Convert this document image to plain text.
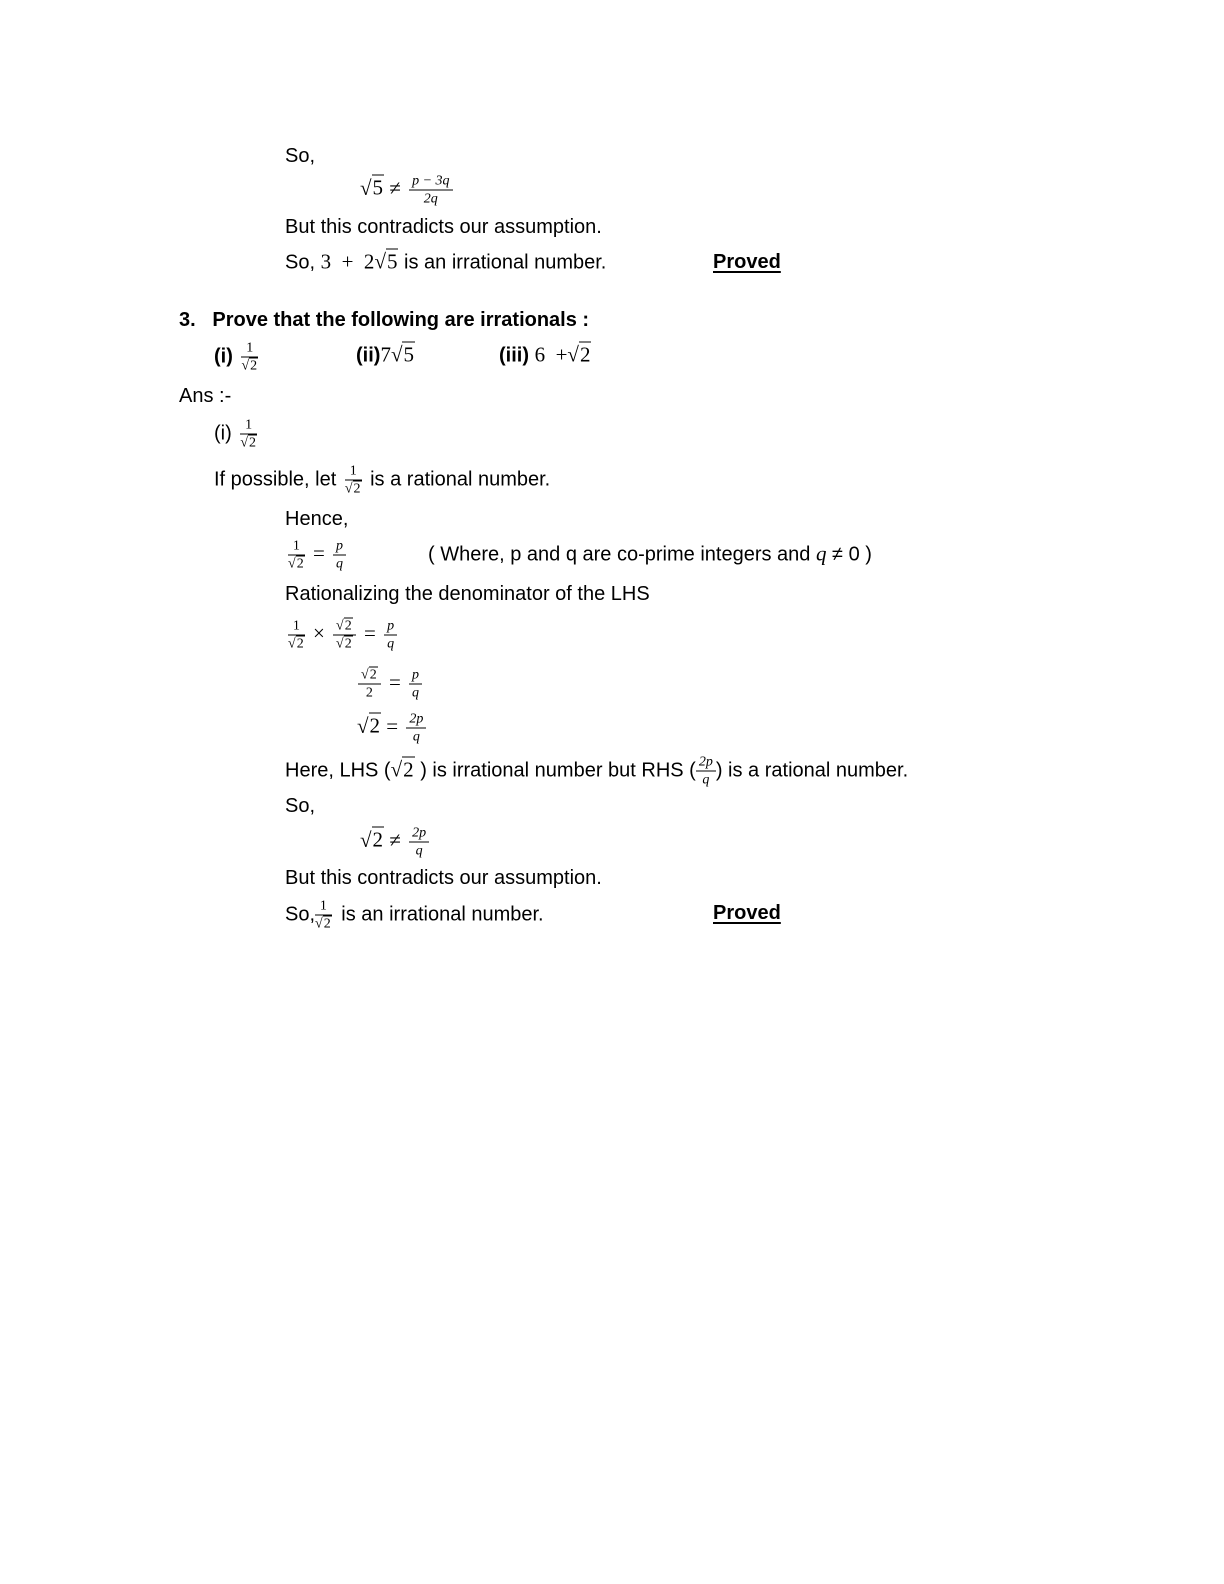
So,
$√5 \ne \frac{p - 3q}{2q}$
But this contradicts our assumption.
So, 3  +  2√5 is an irrational number.	Proved
3.   Prove that the following are irrationals :
$(i) \frac{1}{√2}$	(ii)7√5	(iii) 6  +√2
Ans :-
$(i) \frac{1}{√2}$
If possible, let $\frac{1}{√2}$ is a rational number.
Hence,
$\frac{1}{√2} = \frac{p}{q}$	( Where, p and q are co-prime integers and q ≠ 0 )
Rationalizing the denominator of the LHS
$\frac{1}{√2} \times \frac{√2}{√2} = \frac{p}{q}$
$\frac{√2}{2} = \frac{p}{q}$
$√2 = \frac{2p}{q}$
Here, LHS (√2 ) is irrational number but RHS ( $\frac{2p}{q}$ ) is a rational number.
So,
$√2 \ne \frac{2p}{q}$
But this contradicts our assumption.
So, $\frac{1}{√2}$ is an irrational number.	Proved
